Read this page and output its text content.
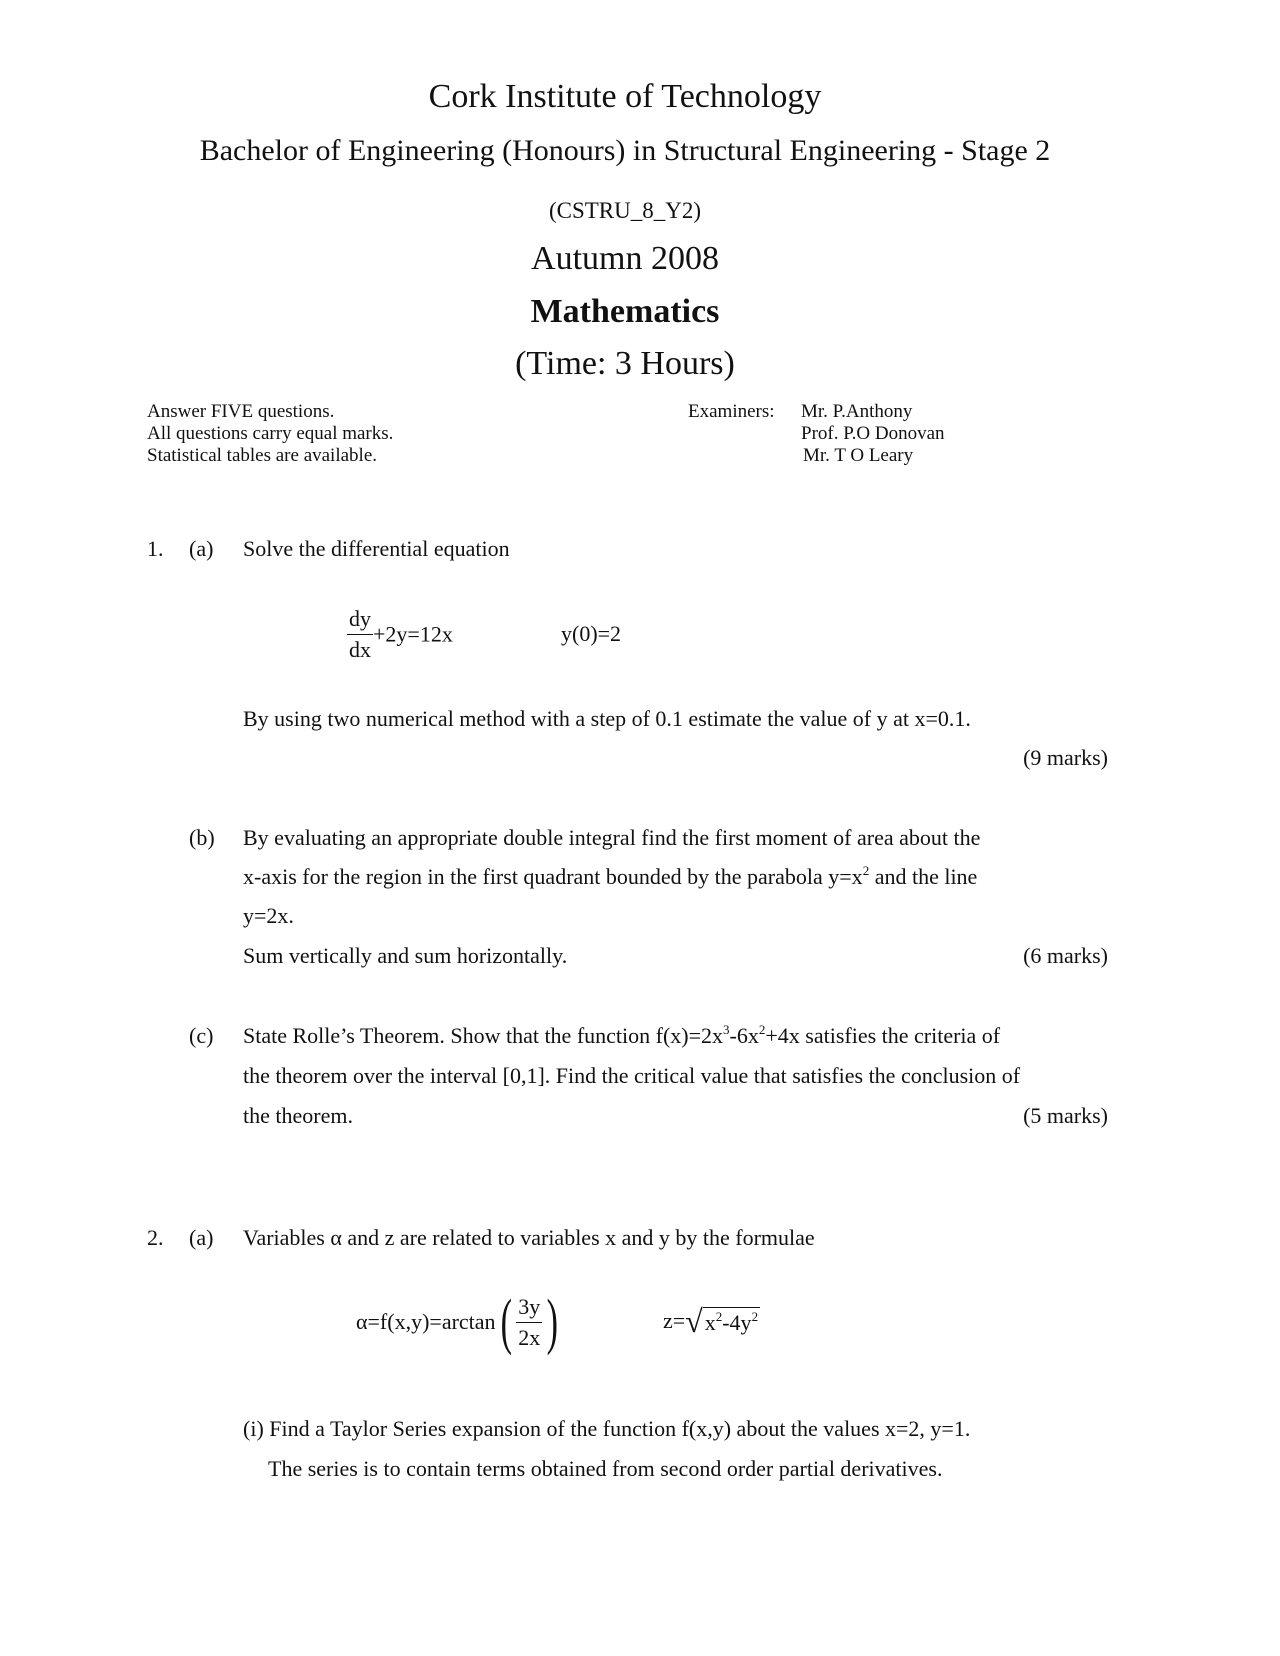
Cork Institute of Technology
Bachelor of Engineering (Honours) in Structural Engineering - Stage 2
(CSTRU_8_Y2)
Autumn 2008
Mathematics
(Time: 3 Hours)
Answer FIVE questions.
All questions carry equal marks.
Statistical tables are available.
Examiners: Mr. P.Anthony
Prof. P.O Donovan
Mr. T O Leary
1. (a) Solve the differential equation
$\frac{dy}{dx} +2y=12x$	y(0)=2
By using two numerical method with a step of 0.1 estimate the value of y at x=0.1.
(9 marks)
(b) By evaluating an appropriate double integral find the first moment of area about the
x-axis for the region in the first quadrant bounded by the parabola $y=x^2$ and the line
y=2x.
Sum vertically and sum horizontally.	(6 marks)
(c) State Rolle’s Theorem. Show that the function $f(x)=2x^3-6x^2+4x$ satisfies the criteria of
the theorem over the interval [0,1]. Find the critical value that satisfies the conclusion of
the theorem.	(5 marks)
2. (a) Variables α and z are related to variables x and y by the formulae
$\alpha=f(x,y)=\arctan( \frac{3y}{2x}$ )	$z=√x^2-4y^2$
(i) Find a Taylor Series expansion of the function f(x,y) about the values x=2, y=1.
The series is to contain terms obtained from second order partial derivatives.
